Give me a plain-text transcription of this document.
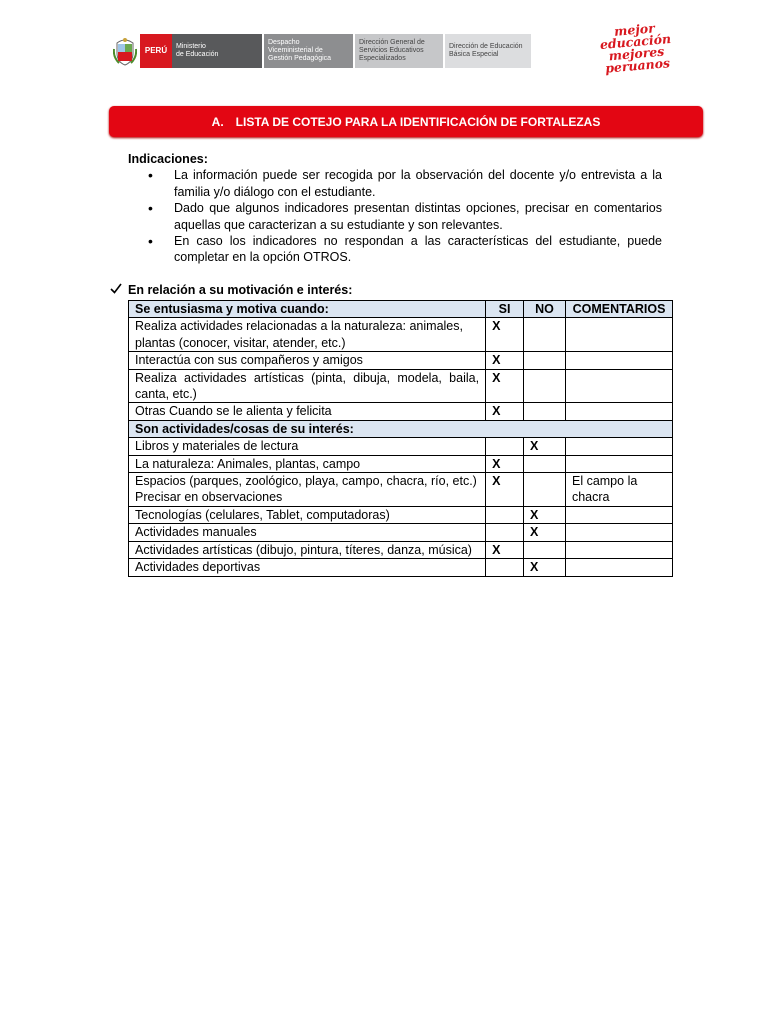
PERÚ	Ministerio
de Educación
Despacho
Viceministerial de
Gestión Pedagógica
Dirección General de
Servicios Educativos
Especializados
Dirección de Educación
Básica Especial
mejor
educación
mejores
peruanos
A. LISTA DE COTEJO PARA LA IDENTIFICACIÓN DE FORTALEZAS
Indicaciones:
• La información puede ser recogida por la observación del docente y/o entrevista a la familia y/o diálogo con el estudiante.
• Dado que algunos indicadores presentan distintas opciones, precisar en comentarios aquellas que caracterizan a su estudiante y son relevantes.
• En caso los indicadores no respondan a las características del estudiante, puede completar en la opción OTROS.
En relación a su motivación e interés:
Se entusiasma y motiva cuando:	SI	NO	COMENTARIOS
Realiza actividades relacionadas a la naturaleza: animales, plantas (conocer, visitar, atender, etc.)	X		
Interactúa con sus compañeros y amigos	X		
Realiza actividades artísticas (pinta, dibuja, modela, baila, canta, etc.)	X		
Otras Cuando se le alienta y felicita	X		
Son actividades/cosas de su interés:			
Libros y materiales de lectura		X	
La naturaleza: Animales, plantas, campo	X		

Espacios (parques, zoológico, playa, campo, chacra, río, etc.)
Precisar en observaciones	X		El campo la chacra
Tecnologías (celulares, Tablet, computadoras)		X	
Actividades manuales		X	
Actividades artísticas (dibujo, pintura, títeres, danza, música)	X		
Actividades deportivas		X	
